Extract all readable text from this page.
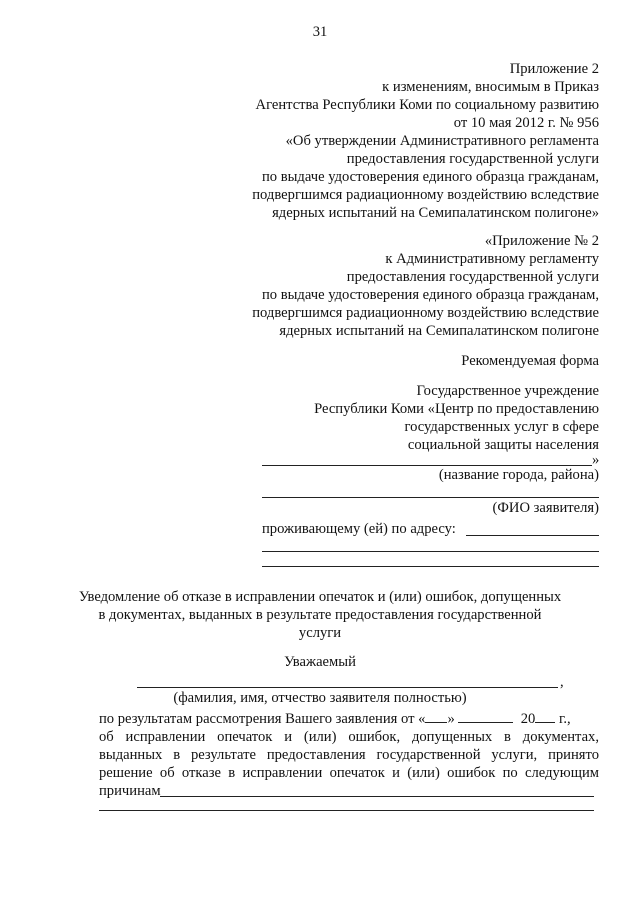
31
Приложение 2
к изменениям, вносимым в Приказ
Агентства Республики Коми по социальному развитию
от 10 мая 2012 г. № 956
«Об утверждении Административного регламента
предоставления государственной услуги
по выдаче удостоверения единого образца гражданам,
подвергшимся радиационному воздействию вследствие
ядерных испытаний на Семипалатинском полигоне»
«Приложение № 2
к Административному регламенту
предоставления государственной услуги
по выдаче удостоверения единого образца гражданам,
подвергшимся радиационному воздействию вследствие
ядерных испытаний на Семипалатинском полигоне
Рекомендуемая форма
Государственное учреждение
Республики Коми «Центр по предоставлению
государственных услуг в сфере
социальной защиты населения
»
(название города, района)
(ФИО заявителя)
проживающему (ей) по адресу:
Уведомление об отказе в исправлении опечаток и (или) ошибок, допущенных
в документах, выданных в результате предоставления государственной
услуги
Уважаемый
,
(фамилия, имя, отчество заявителя полностью)
по результатам рассмотрения Вашего заявления от « »	20 г.,
об исправлении опечаток и (или) ошибок, допущенных в документах,
выданных в результате предоставления государственной услуги, принято
решение об отказе в исправлении опечаток и (или) ошибок по следующим
причинам
